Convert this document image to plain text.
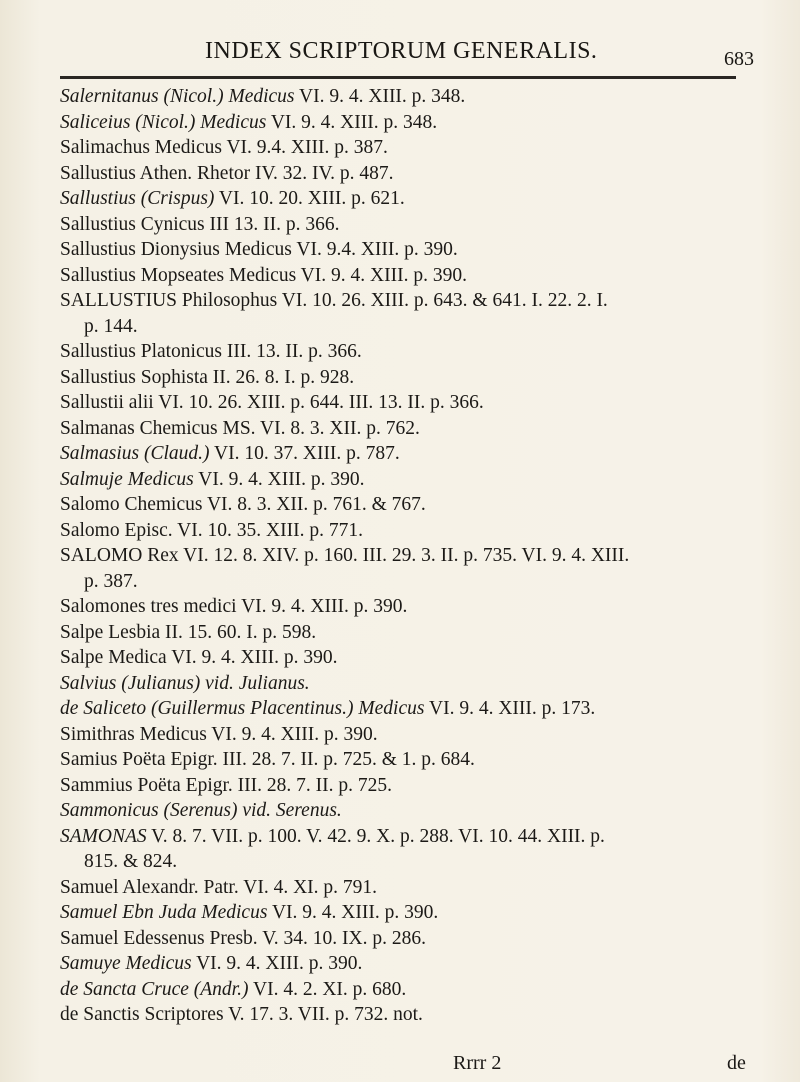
INDEX SCRIPTORUM GENERALIS.	683
Salernitanus (Nicol.) Medicus VI. 9. 4. XIII. p. 348.
Saliceius (Nicol.) Medicus VI. 9. 4. XIII. p. 348.
Salimachus Medicus VI. 9.4. XIII. p. 387.
Sallustius Athen. Rhetor IV. 32. IV. p. 487.
Sallustius (Crispus) VI. 10. 20. XIII. p. 621.
Sallustius Cynicus III 13. II. p. 366.
Sallustius Dionysius Medicus VI. 9.4. XIII. p. 390.
Sallustius Mopseates Medicus VI. 9. 4. XIII. p. 390.
SALLUSTIUS Philosophus VI. 10. 26. XIII. p. 643. & 641. I. 22. 2. I.
p. 144.
Sallustius Platonicus III. 13. II. p. 366.
Sallustius Sophista II. 26. 8. I. p. 928.
Sallustii alii VI. 10. 26. XIII. p. 644. III. 13. II. p. 366.
Salmanas Chemicus MS. VI. 8. 3. XII. p. 762.
Salmasius (Claud.) VI. 10. 37. XIII. p. 787.
Salmuje Medicus VI. 9. 4. XIII. p. 390.
Salomo Chemicus VI. 8. 3. XII. p. 761. & 767.
Salomo Episc. VI. 10. 35. XIII. p. 771.
SALOMO Rex VI. 12. 8. XIV. p. 160. III. 29. 3. II. p. 735. VI. 9. 4. XIII.
p. 387.
Salomones tres medici VI. 9. 4. XIII. p. 390.
Salpe Lesbia II. 15. 60. I. p. 598.
Salpe Medica VI. 9. 4. XIII. p. 390.
Salvius (Julianus) vid. Julianus.
de Saliceto (Guillermus Placentinus.) Medicus VI. 9. 4. XIII. p. 173.
Simithras Medicus VI. 9. 4. XIII. p. 390.
Samius Poëta Epigr. III. 28. 7. II. p. 725. & 1. p. 684.
Sammius Poëta Epigr. III. 28. 7. II. p. 725.
Sammonicus (Serenus) vid. Serenus.
SAMONAS V. 8. 7. VII. p. 100. V. 42. 9. X. p. 288. VI. 10. 44. XIII. p.
815. & 824.
Samuel Alexandr. Patr. VI. 4. XI. p. 791.
Samuel Ebn Juda Medicus VI. 9. 4. XIII. p. 390.
Samuel Edessenus Presb. V. 34. 10. IX. p. 286.
Samuye Medicus VI. 9. 4. XIII. p. 390.
de Sancta Cruce (Andr.) VI. 4. 2. XI. p. 680.
de Sanctis Scriptores V. 17. 3. VII. p. 732. not.
Rrrr 2	de
